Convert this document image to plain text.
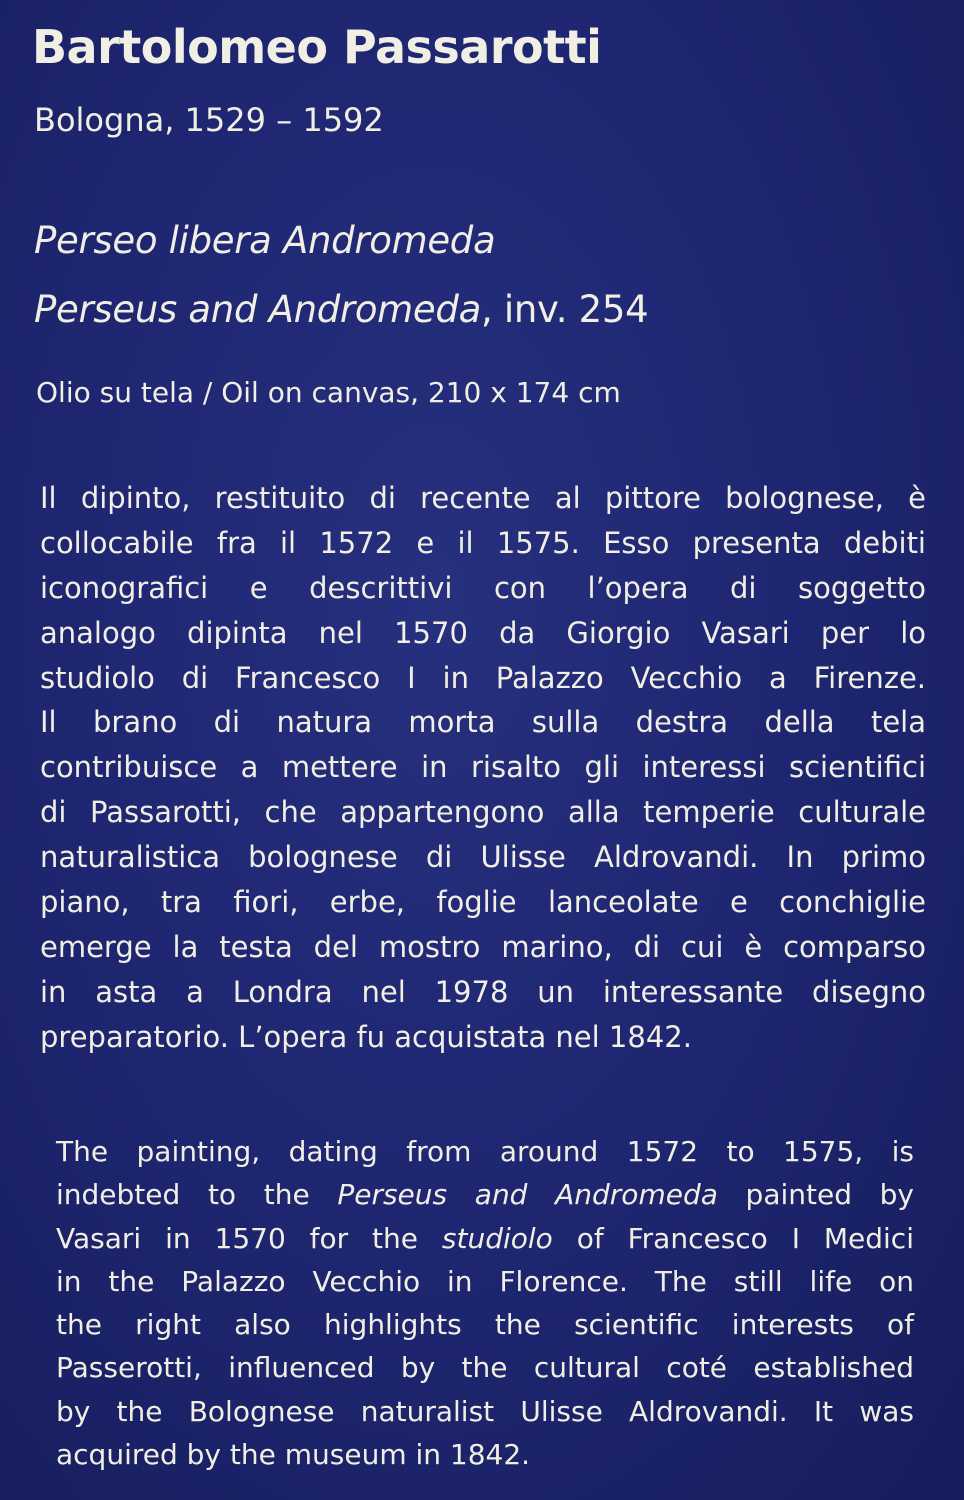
Bartolomeo Passarotti
Bologna, 1529 – 1592
Perseo libera Andromeda
Perseus and Andromeda, inv. 254
Olio su tela / Oil on canvas, 210 x 174 cm
Il dipinto, restituito di recente al pittore bolognese, è
collocabile fra il 1572 e il 1575. Esso presenta debiti
iconografici e descrittivi con l’opera di soggetto
analogo dipinta nel 1570 da Giorgio Vasari per lo
studiolo di Francesco I in Palazzo Vecchio a Firenze.
Il brano di natura morta sulla destra della tela
contribuisce a mettere in risalto gli interessi scientifici
di Passarotti, che appartengono alla temperie culturale
naturalistica bolognese di Ulisse Aldrovandi. In primo
piano, tra fiori, erbe, foglie lanceolate e conchiglie
emerge la testa del mostro marino, di cui è comparso
in asta a Londra nel 1978 un interessante disegno
preparatorio. L’opera fu acquistata nel 1842.
The painting, dating from around 1572 to 1575, is
indebted to the Perseus and Andromeda painted by
Vasari in 1570 for the studiolo of Francesco I Medici
in the Palazzo Vecchio in Florence. The still life on
the right also highlights the scientific interests of
Passerotti, influenced by the cultural coté established
by the Bolognese naturalist Ulisse Aldrovandi. It was
acquired by the museum in 1842.
